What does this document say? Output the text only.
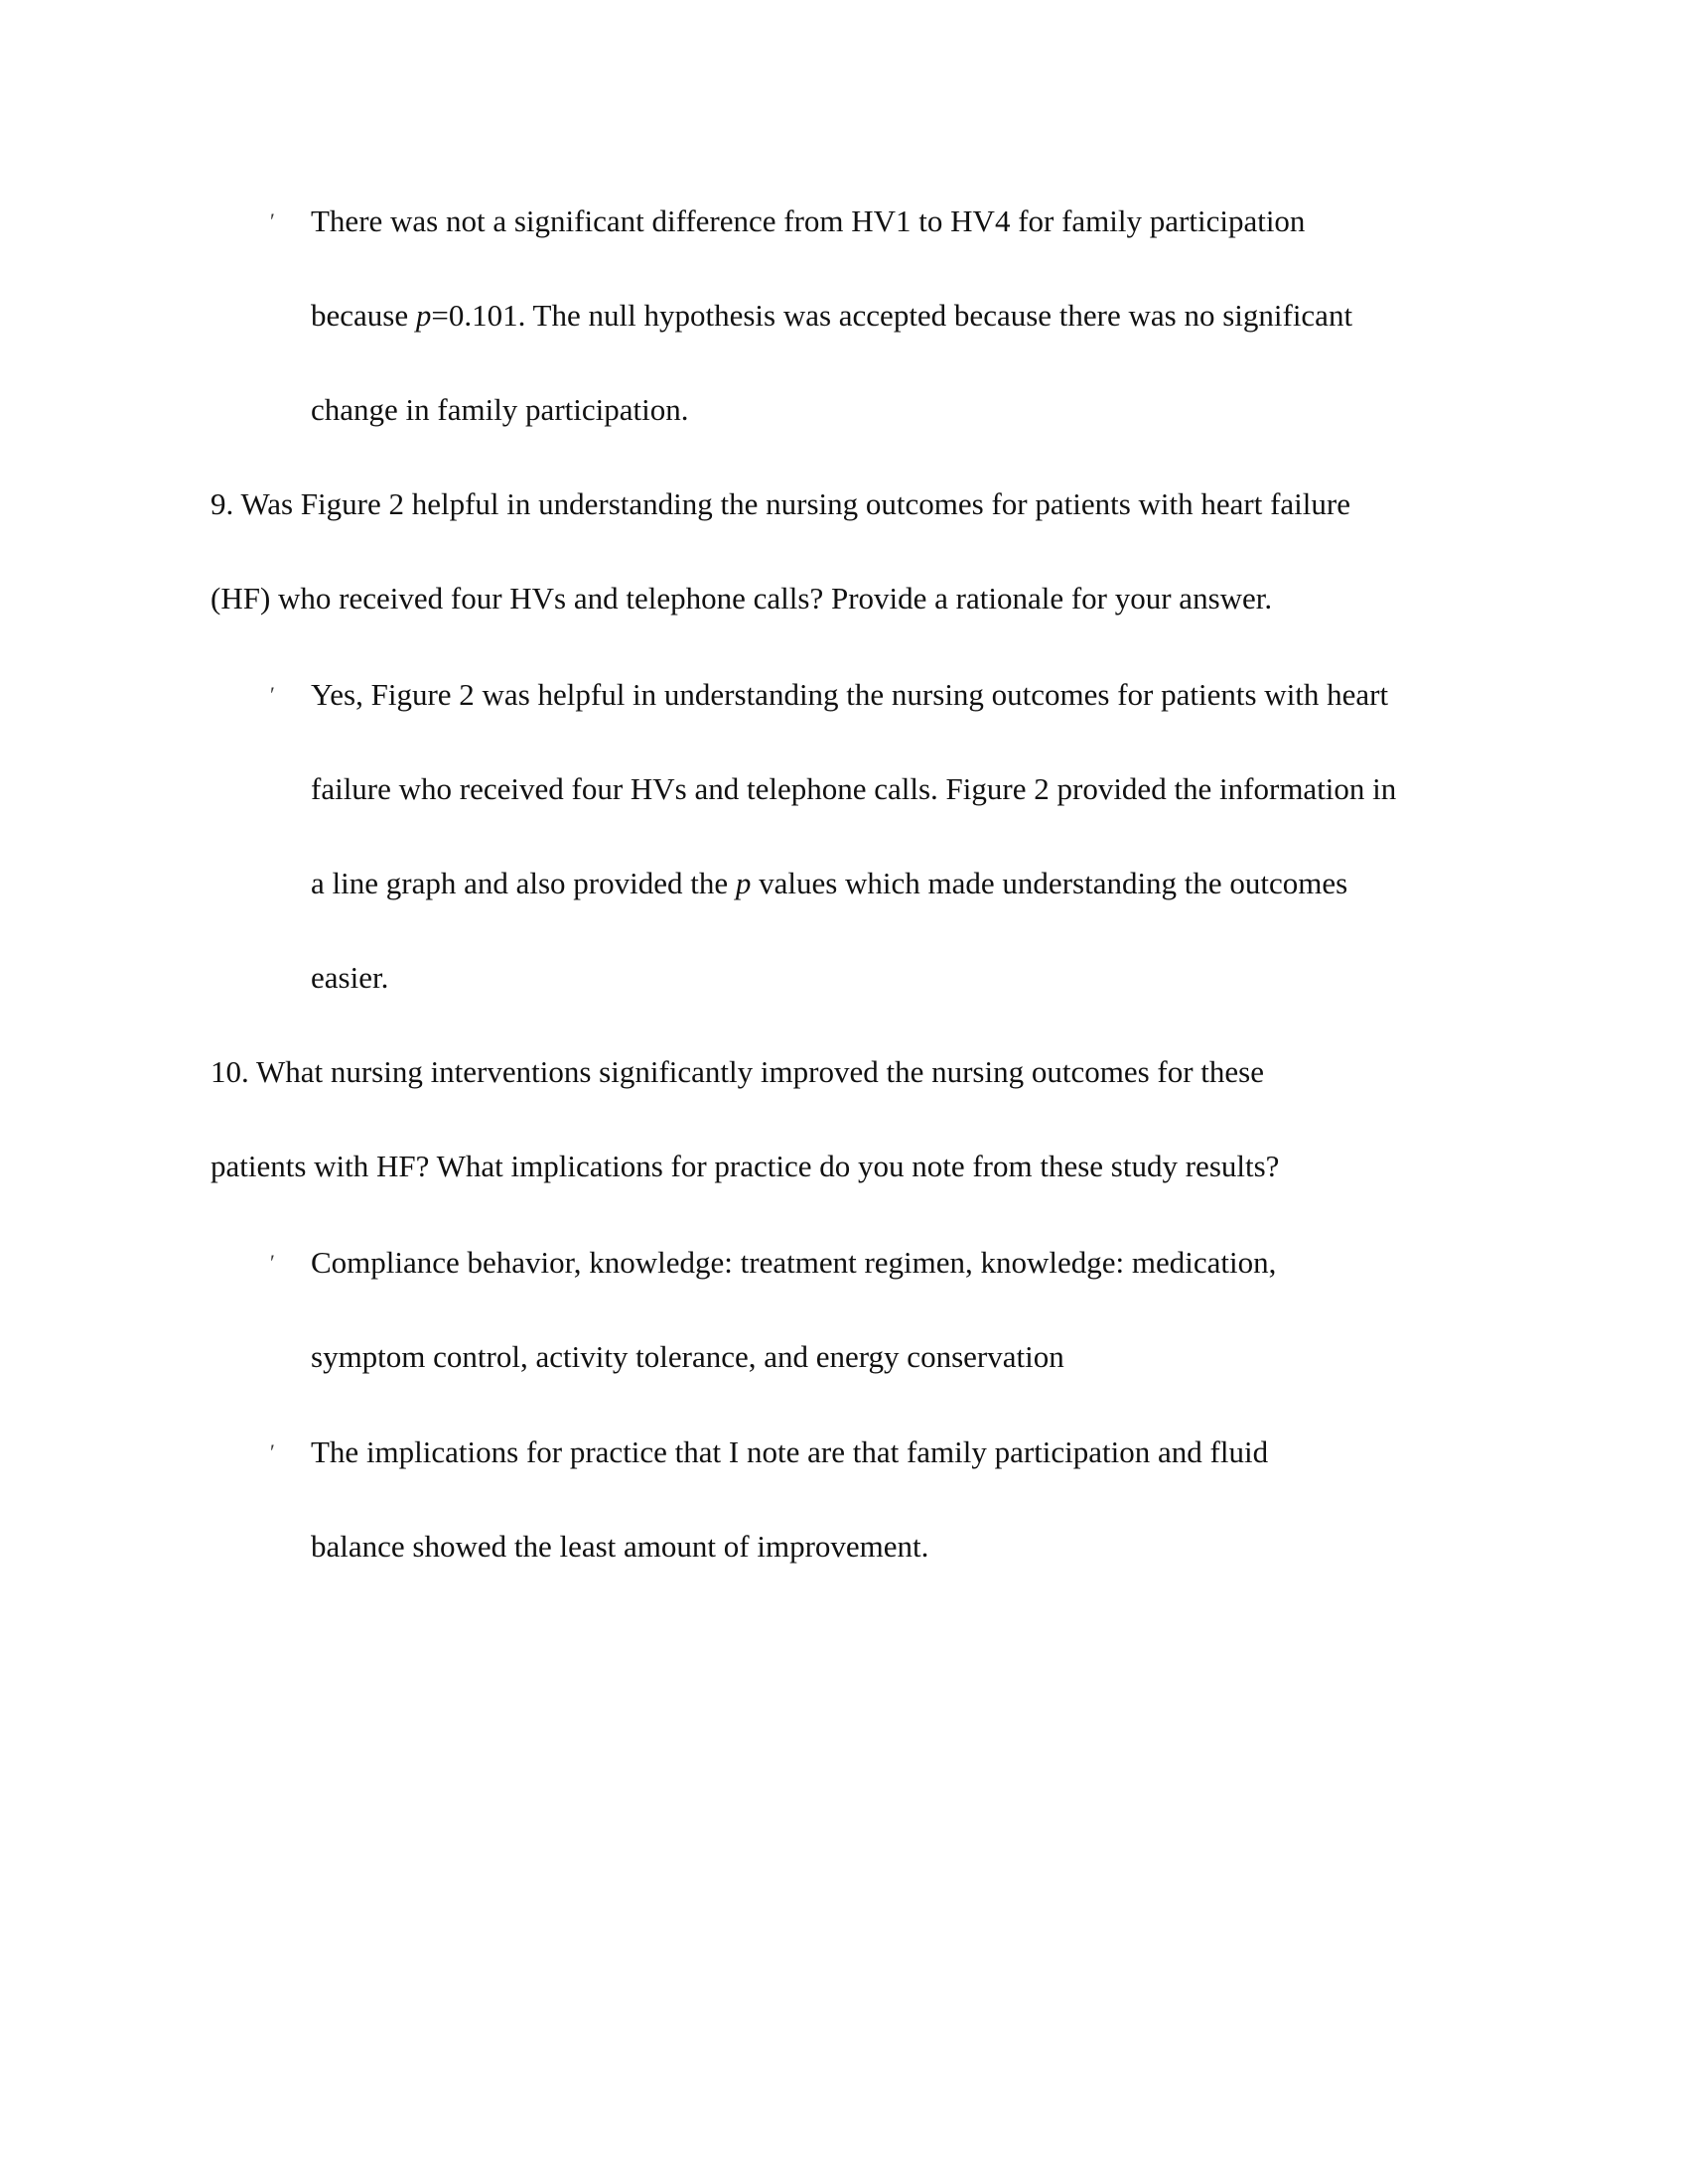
′ There was not a significant difference from HV1 to HV4 for family participation
because p=0.101. The null hypothesis was accepted because there was no significant
change in family participation.
9. Was Figure 2 helpful in understanding the nursing outcomes for patients with heart failure
(HF) who received four HVs and telephone calls? Provide a rationale for your answer.
′ Yes, Figure 2 was helpful in understanding the nursing outcomes for patients with heart
failure who received four HVs and telephone calls. Figure 2 provided the information in
a line graph and also provided the p values which made understanding the outcomes
easier.
10. What nursing interventions significantly improved the nursing outcomes for these
patients with HF? What implications for practice do you note from these study results?
′ Compliance behavior, knowledge: treatment regimen, knowledge: medication,
symptom control, activity tolerance, and energy conservation
′ The implications for practice that I note are that family participation and fluid
balance showed the least amount of improvement.
